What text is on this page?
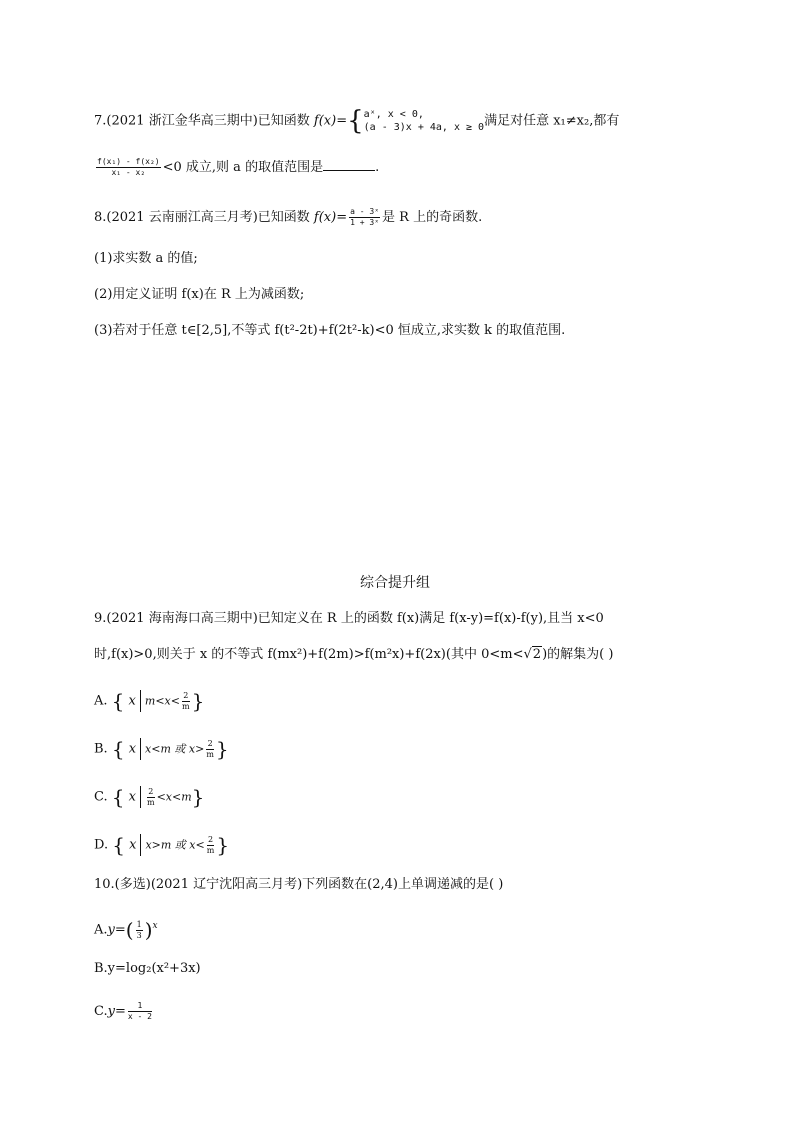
7.(2021 浙江金华高三期中)已知函数 f(x)={ aˣ, x < 0,
(a - 3)x + 4a, x ≥ 0 满足对任意 x₁≠x₂,都有
$\frac{\text{f(x₁) - f(x₂)}}{\text{x₁ - x₂}} <0$ 成立,则 a 的取值范围是	.
8.(2021 云南丽江高三月考)已知函数 $f(x)= \frac{\text{a - 3ˣ}}{\text{1 + 3ˣ}}$ 是 R 上的奇函数.
(1)求实数 a 的值;
(2)用定义证明 f(x)在 R 上为减函数;
(3)若对于任意 t∈[2,5],不等式 f(t²-2t)+f(2t²-k)<0 恒成立,求实数 k 的取值范围.
综合提升组
9.(2021 海南海口高三期中)已知定义在 R 上的函数 f(x)满足 f(x-y)=f(x)-f(y),且当 x<0
时,f(x)>0,则关于 x 的不等式 f(mx²)+f(2m)>f(m²x)+f(2x)(其中 0<m<√2)的解集为( )
A. { x $m<x< \frac{2}{m}$ }
B. { x x<m 或 $x> \frac{2}{m}$ }
C. { x $\frac{2}{m} <x<m$}
D. { x x>m 或 $x< \frac{2}{m}$ }
10.(多选)(2021 辽宁沈阳高三月考)下列函数在(2,4)上单调递减的是( )
$A.y=( \frac{1}{3} )^x$
B.y=log₂(x²+3x)
$C.y= \frac{1}{x - 2}$
